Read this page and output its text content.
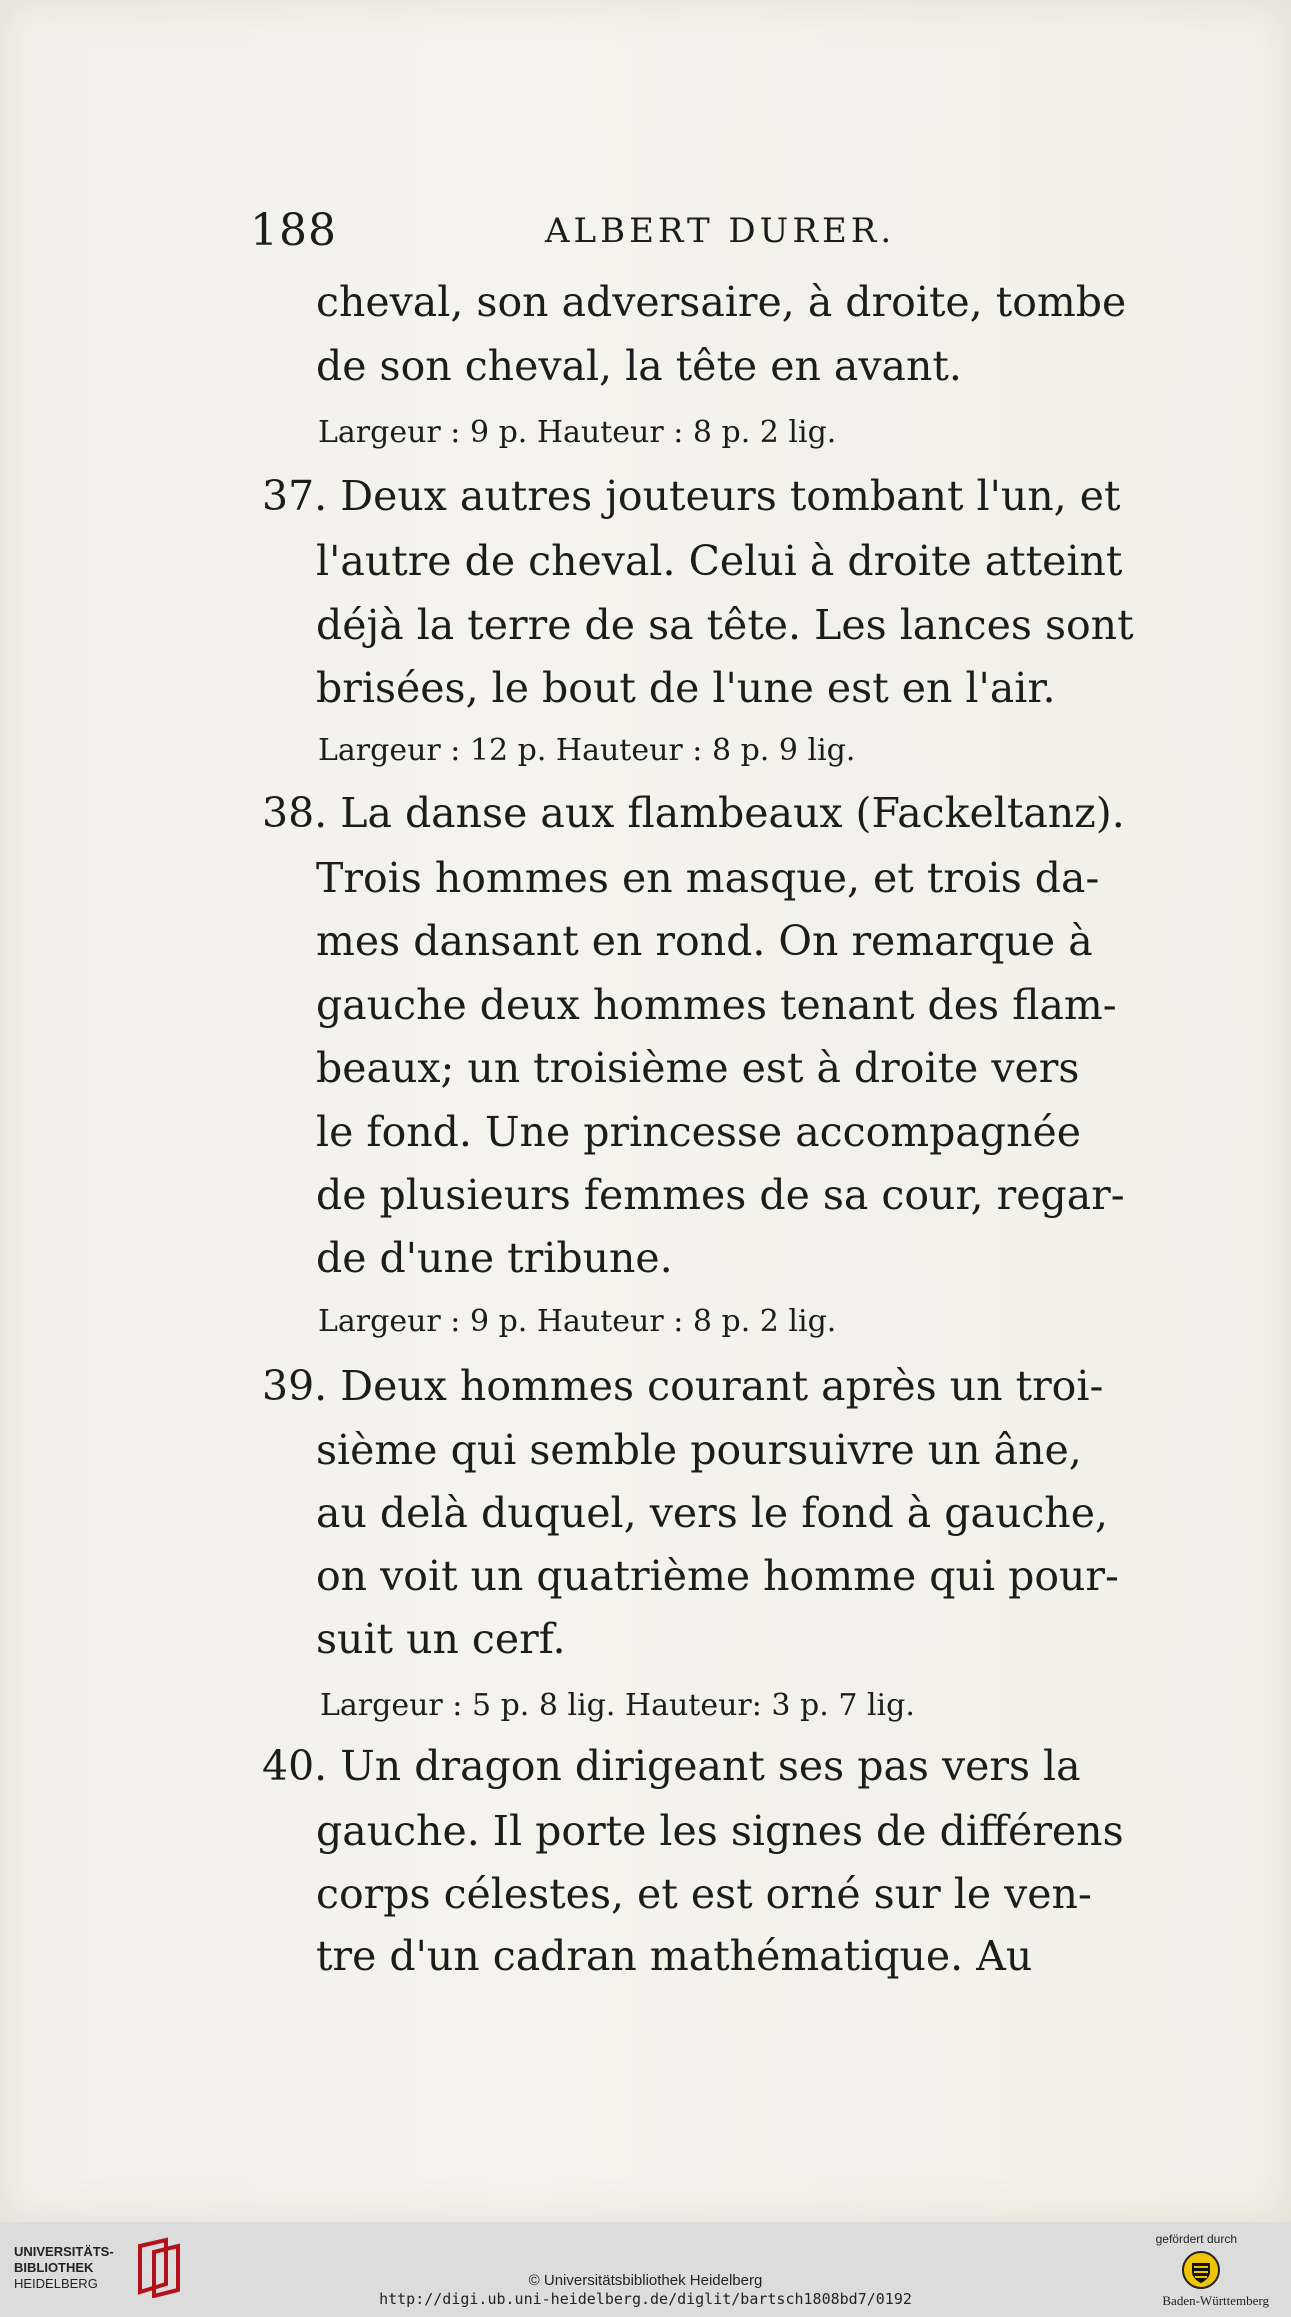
188	ALBERT DURER.
cheval, son adversaire, à droite, tombe
de son cheval, la tête en avant.
Largeur : 9 p. Hauteur : 8 p. 2 lig.
37. Deux autres jouteurs tombant l'un, et
l'autre de cheval. Celui à droite atteint
déjà la terre de sa tête. Les lances sont
brisées, le bout de l'une est en l'air.
Largeur : 12 p. Hauteur : 8 p. 9 lig.
38. La danse aux flambeaux (Fackeltanz).
Trois hommes en masque, et trois da-
mes dansant en rond. On remarque à
gauche deux hommes tenant des flam-
beaux; un troisième est à droite vers
le fond. Une princesse accompagnée
de plusieurs femmes de sa cour, regar-
de d'une tribune.
Largeur : 9 p. Hauteur : 8 p. 2 lig.
39. Deux hommes courant après un troi-
sième qui semble poursuivre un âne,
au delà duquel, vers le fond à gauche,
on voit un quatrième homme qui pour-
suit un cerf.
Largeur : 5 p. 8 lig. Hauteur: 3 p. 7 lig.
40. Un dragon dirigeant ses pas vers la
gauche. Il porte les signes de différens
corps célestes, et est orné sur le ven-
tre d'un cadran mathématique. Au
UNIVERSITÄTS-
BIBLIOTHEK
HEIDELBERG	© Universitätsbibliothek Heidelberg
http://digi.ub.uni-heidelberg.de/diglit/bartsch1808bd7/0192
gefördert durch
Baden-Württemberg
